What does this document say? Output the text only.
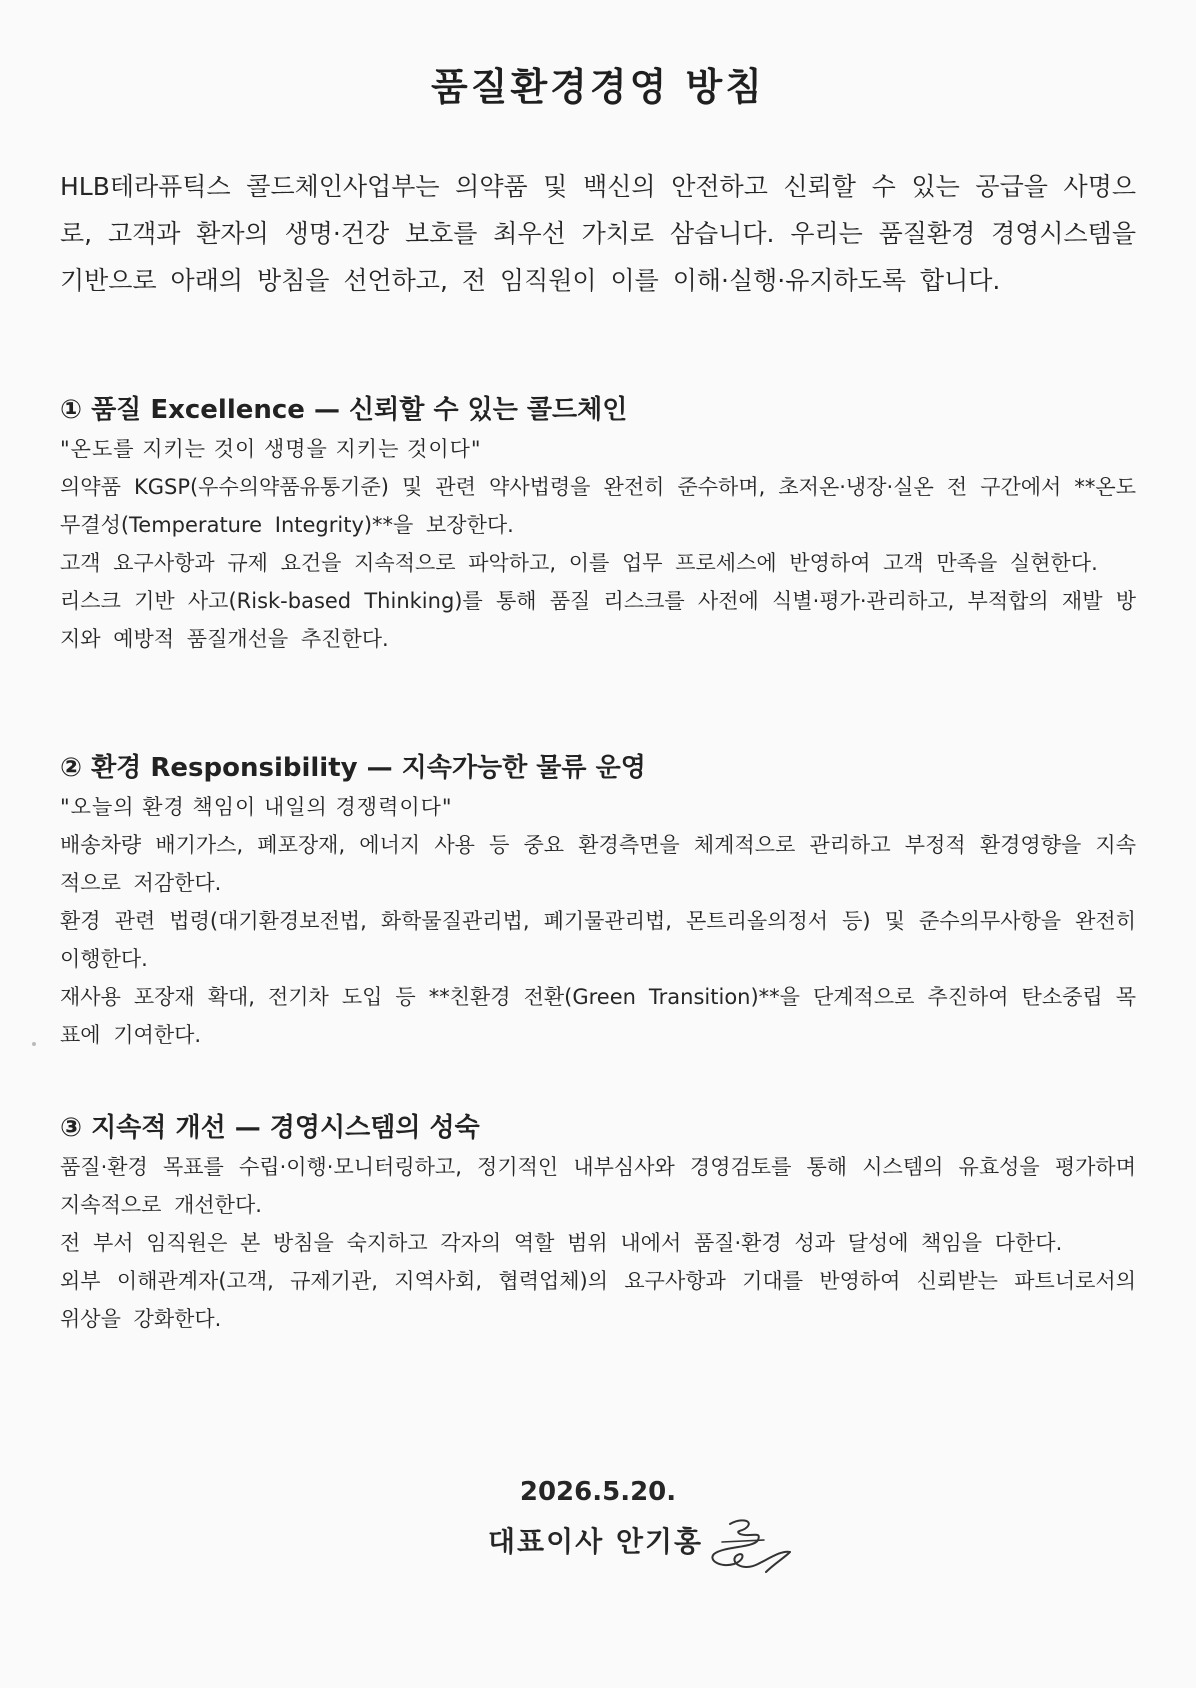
품질환경경영 방침

HLB테라퓨틱스 콜드체인사업부는 의약품 및 백신의 안전하고 신뢰할 수 있는 공급을 사명으로, 고객과 환자의 생명·건강 보호를 최우선 가치로 삼습니다. 우리는 품질환경 경영시스템을 기반으로 아래의 방침을 선언하고, 전 임직원이 이를 이해·실행·유지하도록 합니다.

① 품질 Excellence — 신뢰할 수 있는 콜드체인

"온도를 지키는 것이 생명을 지키는 것이다"

의약품 KGSP(우수의약품유통기준) 및 관련 약사법령을 완전히 준수하며, 초저온·냉장·실온 전 구간에서 **온도 무결성(Temperature Integrity)**을 보장한다.

고객 요구사항과 규제 요건을 지속적으로 파악하고, 이를 업무 프로세스에 반영하여 고객 만족을 실현한다.

리스크 기반 사고(Risk-based Thinking)를 통해 품질 리스크를 사전에 식별·평가·관리하고, 부적합의 재발 방지와 예방적 품질개선을 추진한다.

② 환경 Responsibility — 지속가능한 물류 운영

"오늘의 환경 책임이 내일의 경쟁력이다"

배송차량 배기가스, 폐포장재, 에너지 사용 등 중요 환경측면을 체계적으로 관리하고 부정적 환경영향을 지속적으로 저감한다.

환경 관련 법령(대기환경보전법, 화학물질관리법, 폐기물관리법, 몬트리올의정서 등) 및 준수의무사항을 완전히 이행한다.

재사용 포장재 확대, 전기차 도입 등 **친환경 전환(Green Transition)**을 단계적으로 추진하여 탄소중립 목표에 기여한다.

③ 지속적 개선 — 경영시스템의 성숙

품질·환경 목표를 수립·이행·모니터링하고, 정기적인 내부심사와 경영검토를 통해 시스템의 유효성을 평가하며 지속적으로 개선한다.

전 부서 임직원은 본 방침을 숙지하고 각자의 역할 범위 내에서 품질·환경 성과 달성에 책임을 다한다.

외부 이해관계자(고객, 규제기관, 지역사회, 협력업체)의 요구사항과 기대를 반영하여 신뢰받는 파트너로서의 위상을 강화한다.

2026.5.20.
대표이사 안기홍
